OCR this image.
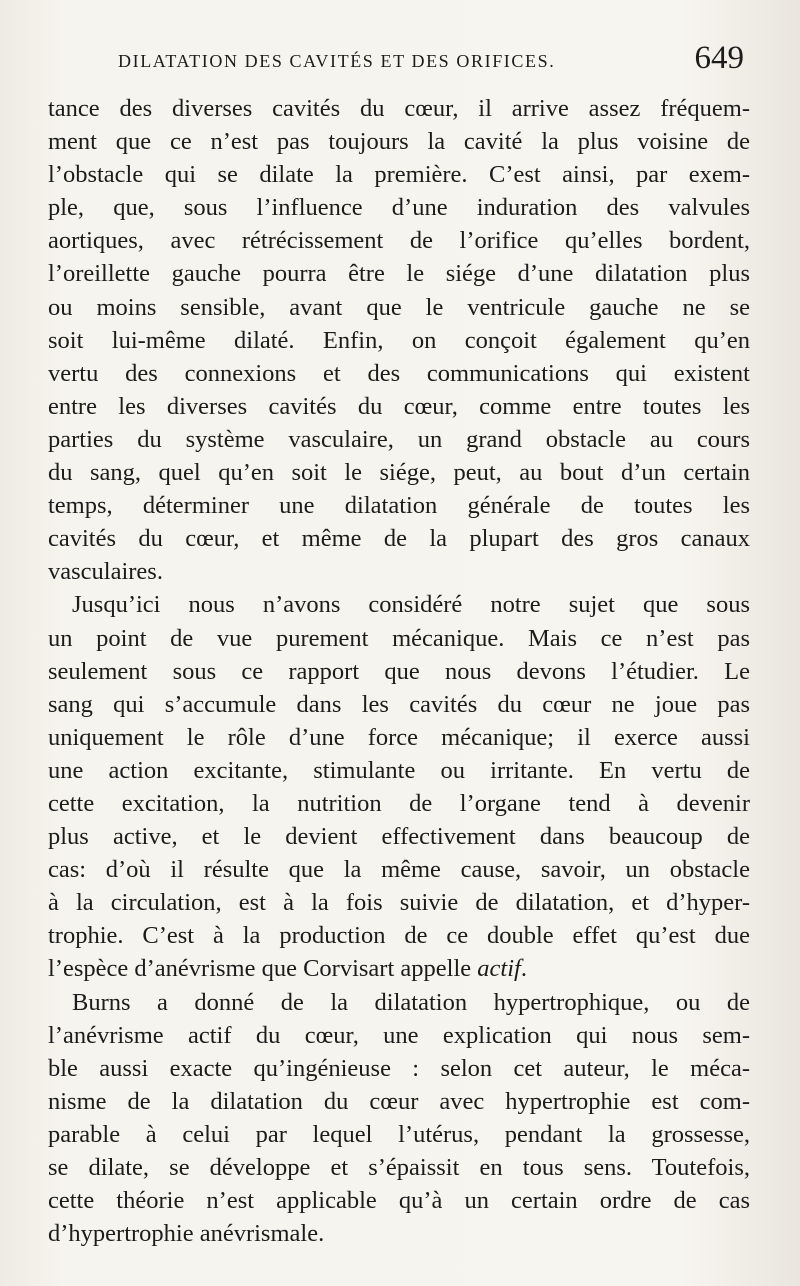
DILATATION DES CAVITÉS ET DES ORIFICES.	649
tance des diverses cavités du cœur, il arrive assez fréquem-
ment que ce n’est pas toujours la cavité la plus voisine de
l’obstacle qui se dilate la première. C’est ainsi, par exem-
ple, que, sous l’influence d’une induration des valvules
aortiques, avec rétrécissement de l’orifice qu’elles bordent,
l’oreillette gauche pourra être le siége d’une dilatation plus
ou moins sensible, avant que le ventricule gauche ne se
soit lui-même dilaté. Enfin, on conçoit également qu’en
vertu des connexions et des communications qui existent
entre les diverses cavités du cœur, comme entre toutes les
parties du système vasculaire, un grand obstacle au cours
du sang, quel qu’en soit le siége, peut, au bout d’un certain
temps, déterminer une dilatation générale de toutes les
cavités du cœur, et même de la plupart des gros canaux
vasculaires.
Jusqu’ici nous n’avons considéré notre sujet que sous
un point de vue purement mécanique. Mais ce n’est pas
seulement sous ce rapport que nous devons l’étudier. Le
sang qui s’accumule dans les cavités du cœur ne joue pas
uniquement le rôle d’une force mécanique; il exerce aussi
une action excitante, stimulante ou irritante. En vertu de
cette excitation, la nutrition de l’organe tend à devenir
plus active, et le devient effectivement dans beaucoup de
cas: d’où il résulte que la même cause, savoir, un obstacle
à la circulation, est à la fois suivie de dilatation, et d’hyper-
trophie. C’est à la production de ce double effet qu’est due
l’espèce d’anévrisme que Corvisart appelle actif.
Burns a donné de la dilatation hypertrophique, ou de
l’anévrisme actif du cœur, une explication qui nous sem-
ble aussi exacte qu’ingénieuse : selon cet auteur, le méca-
nisme de la dilatation du cœur avec hypertrophie est com-
parable à celui par lequel l’utérus, pendant la grossesse,
se dilate, se développe et s’épaissit en tous sens. Toutefois,
cette théorie n’est applicable qu’à un certain ordre de cas
d’hypertrophie anévrismale.
